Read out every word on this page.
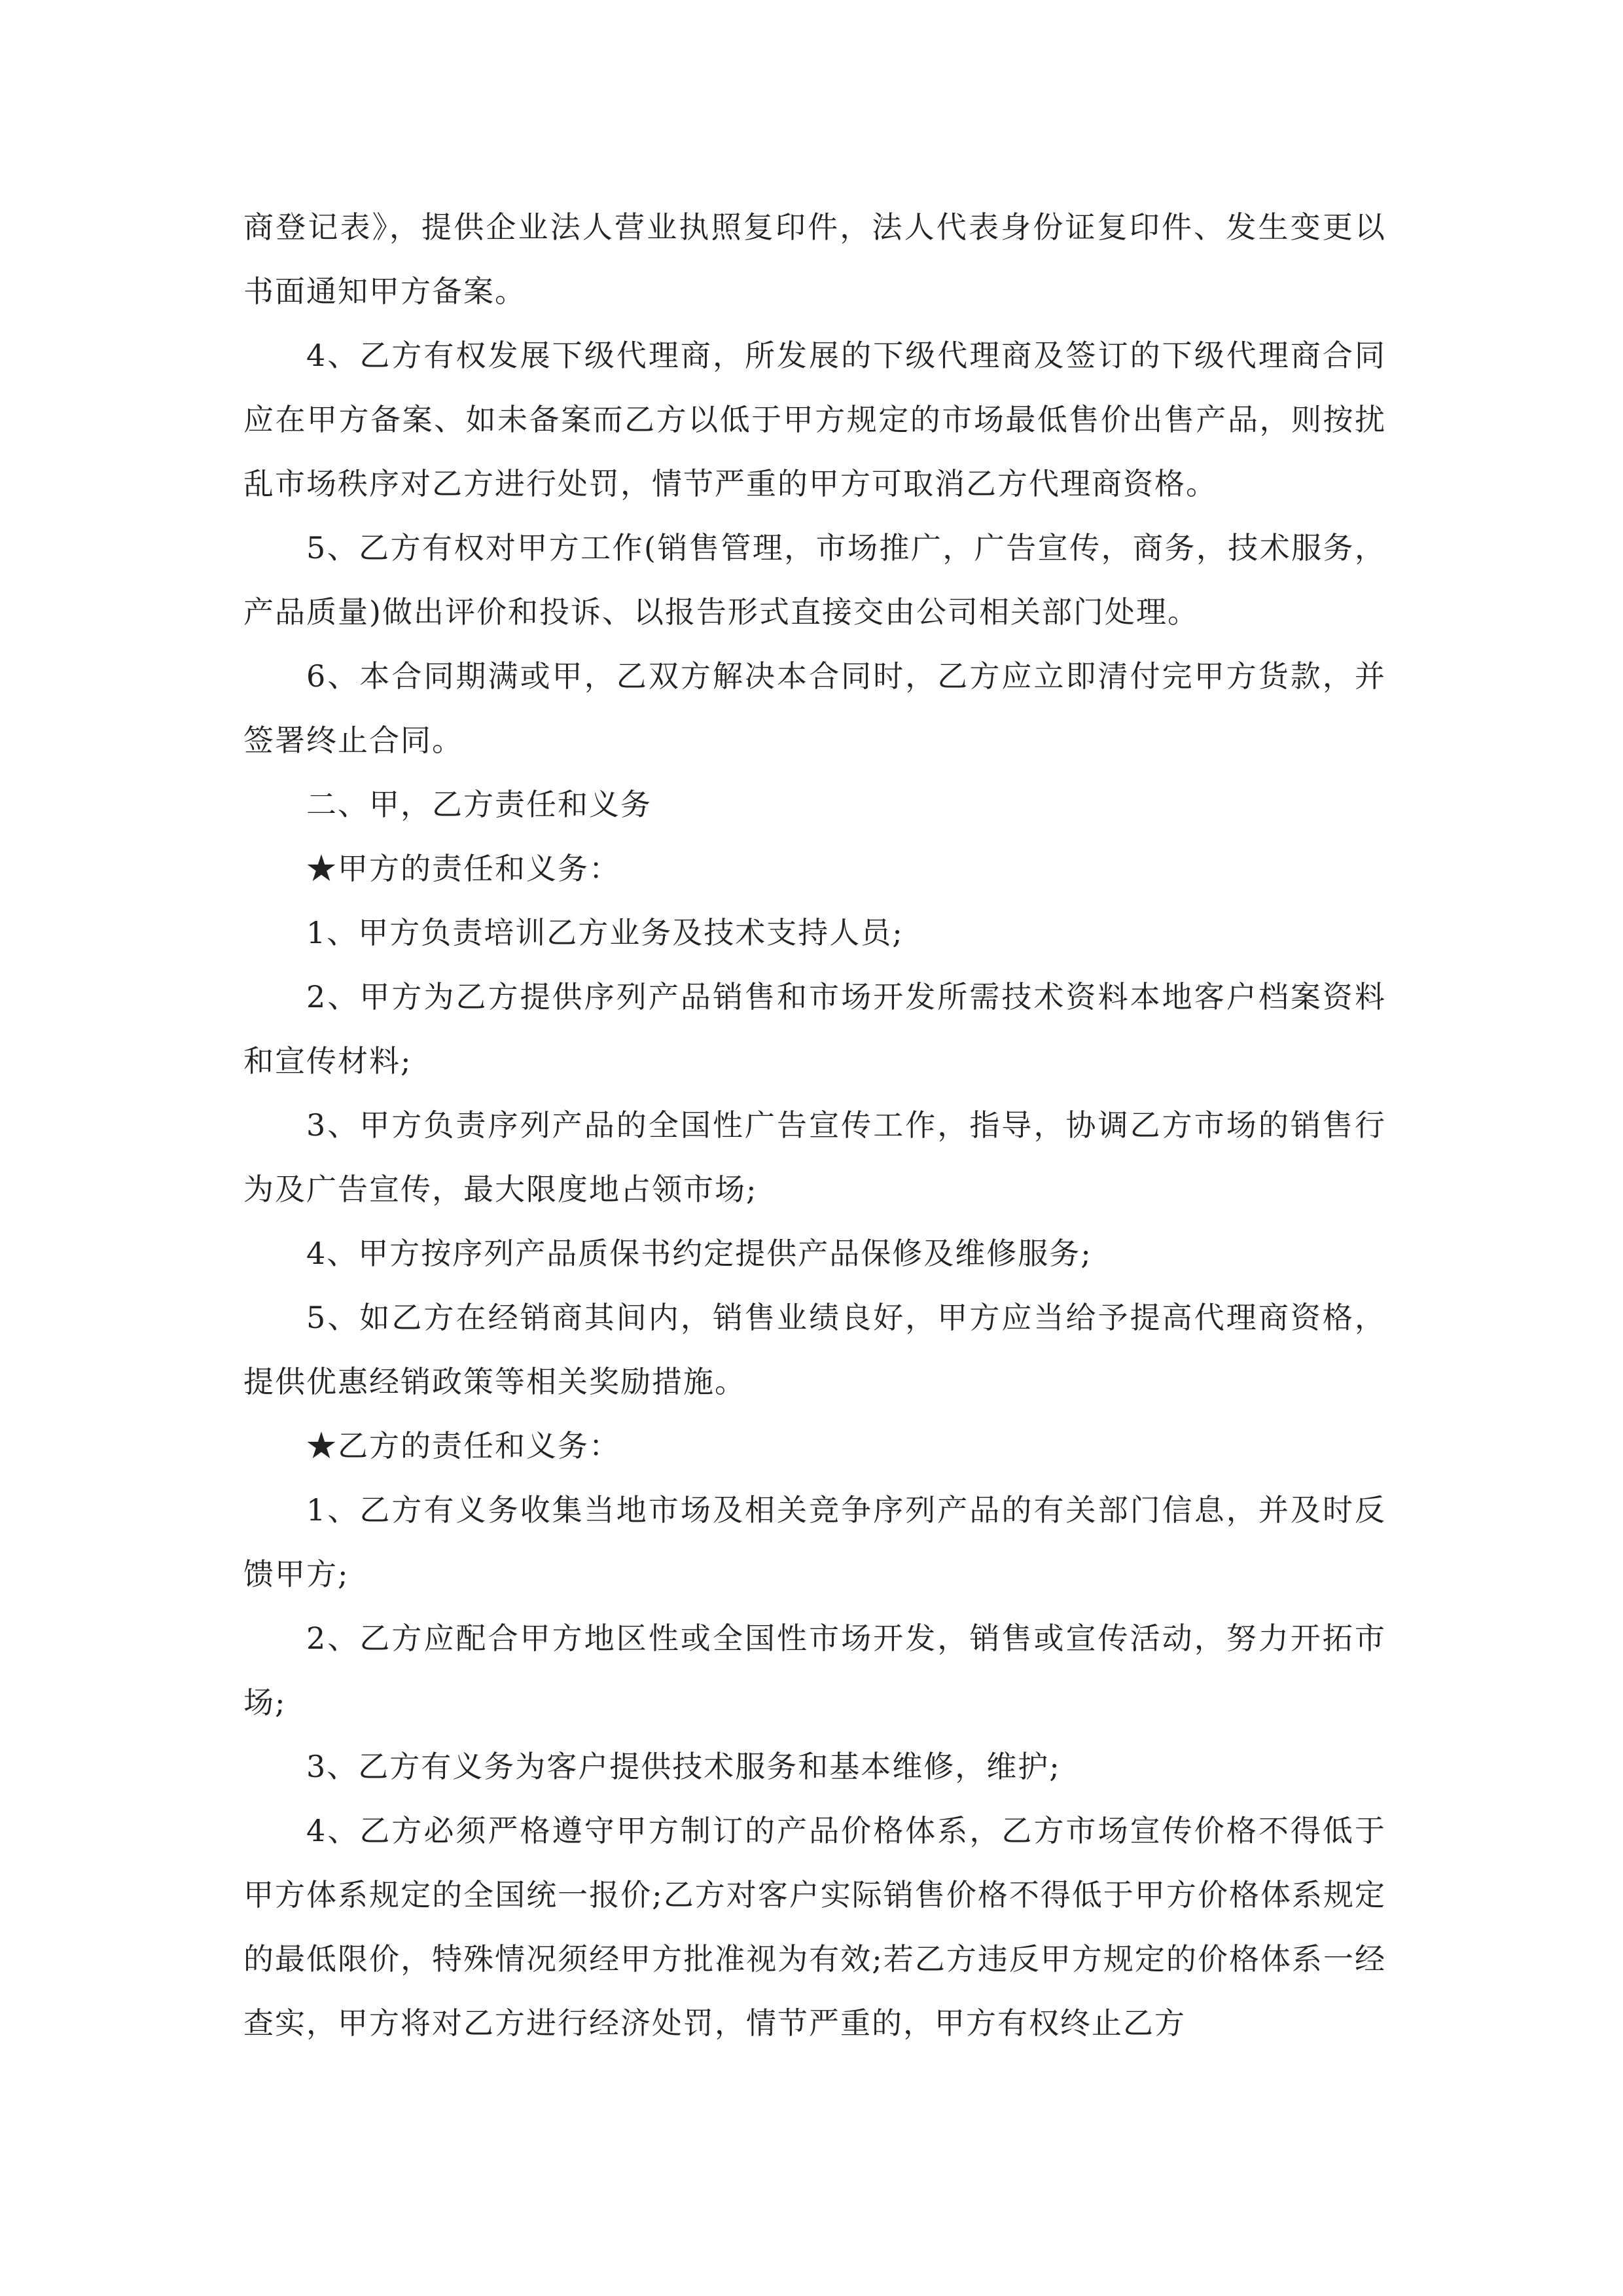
商登记表》，提供企业法人营业执照复印件，法人代表身份证复印件、发生变更以书面通知甲方备案。

4、乙方有权发展下级代理商，所发展的下级代理商及签订的下级代理商合同应在甲方备案、如未备案而乙方以低于甲方规定的市场最低售价出售产品，则按扰乱市场秩序对乙方进行处罚，情节严重的甲方可取消乙方代理商资格。

5、乙方有权对甲方工作(销售管理，市场推广，广告宣传，商务，技术服务，产品质量)做出评价和投诉、以报告形式直接交由公司相关部门处理。

6、本合同期满或甲，乙双方解决本合同时，乙方应立即清付完甲方货款，并签署终止合同。

二、甲，乙方责任和义务

★甲方的责任和义务：

1、甲方负责培训乙方业务及技术支持人员;

2、甲方为乙方提供序列产品销售和市场开发所需技术资料本地客户档案资料和宣传材料;

3、甲方负责序列产品的全国性广告宣传工作，指导，协调乙方市场的销售行为及广告宣传，最大限度地占领市场;

4、甲方按序列产品质保书约定提供产品保修及维修服务;

5、如乙方在经销商其间内，销售业绩良好，甲方应当给予提高代理商资格，提供优惠经销政策等相关奖励措施。

★乙方的责任和义务：

1、乙方有义务收集当地市场及相关竞争序列产品的有关部门信息，并及时反馈甲方;

2、乙方应配合甲方地区性或全国性市场开发，销售或宣传活动，努力开拓市场;

3、乙方有义务为客户提供技术服务和基本维修，维护;

4、乙方必须严格遵守甲方制订的产品价格体系，乙方市场宣传价格不得低于甲方体系规定的全国统一报价;乙方对客户实际销售价格不得低于甲方价格体系规定的最低限价，特殊情况须经甲方批准视为有效;若乙方违反甲方规定的价格体系一经查实，甲方将对乙方进行经济处罚，情节严重的，甲方有权终止乙方
